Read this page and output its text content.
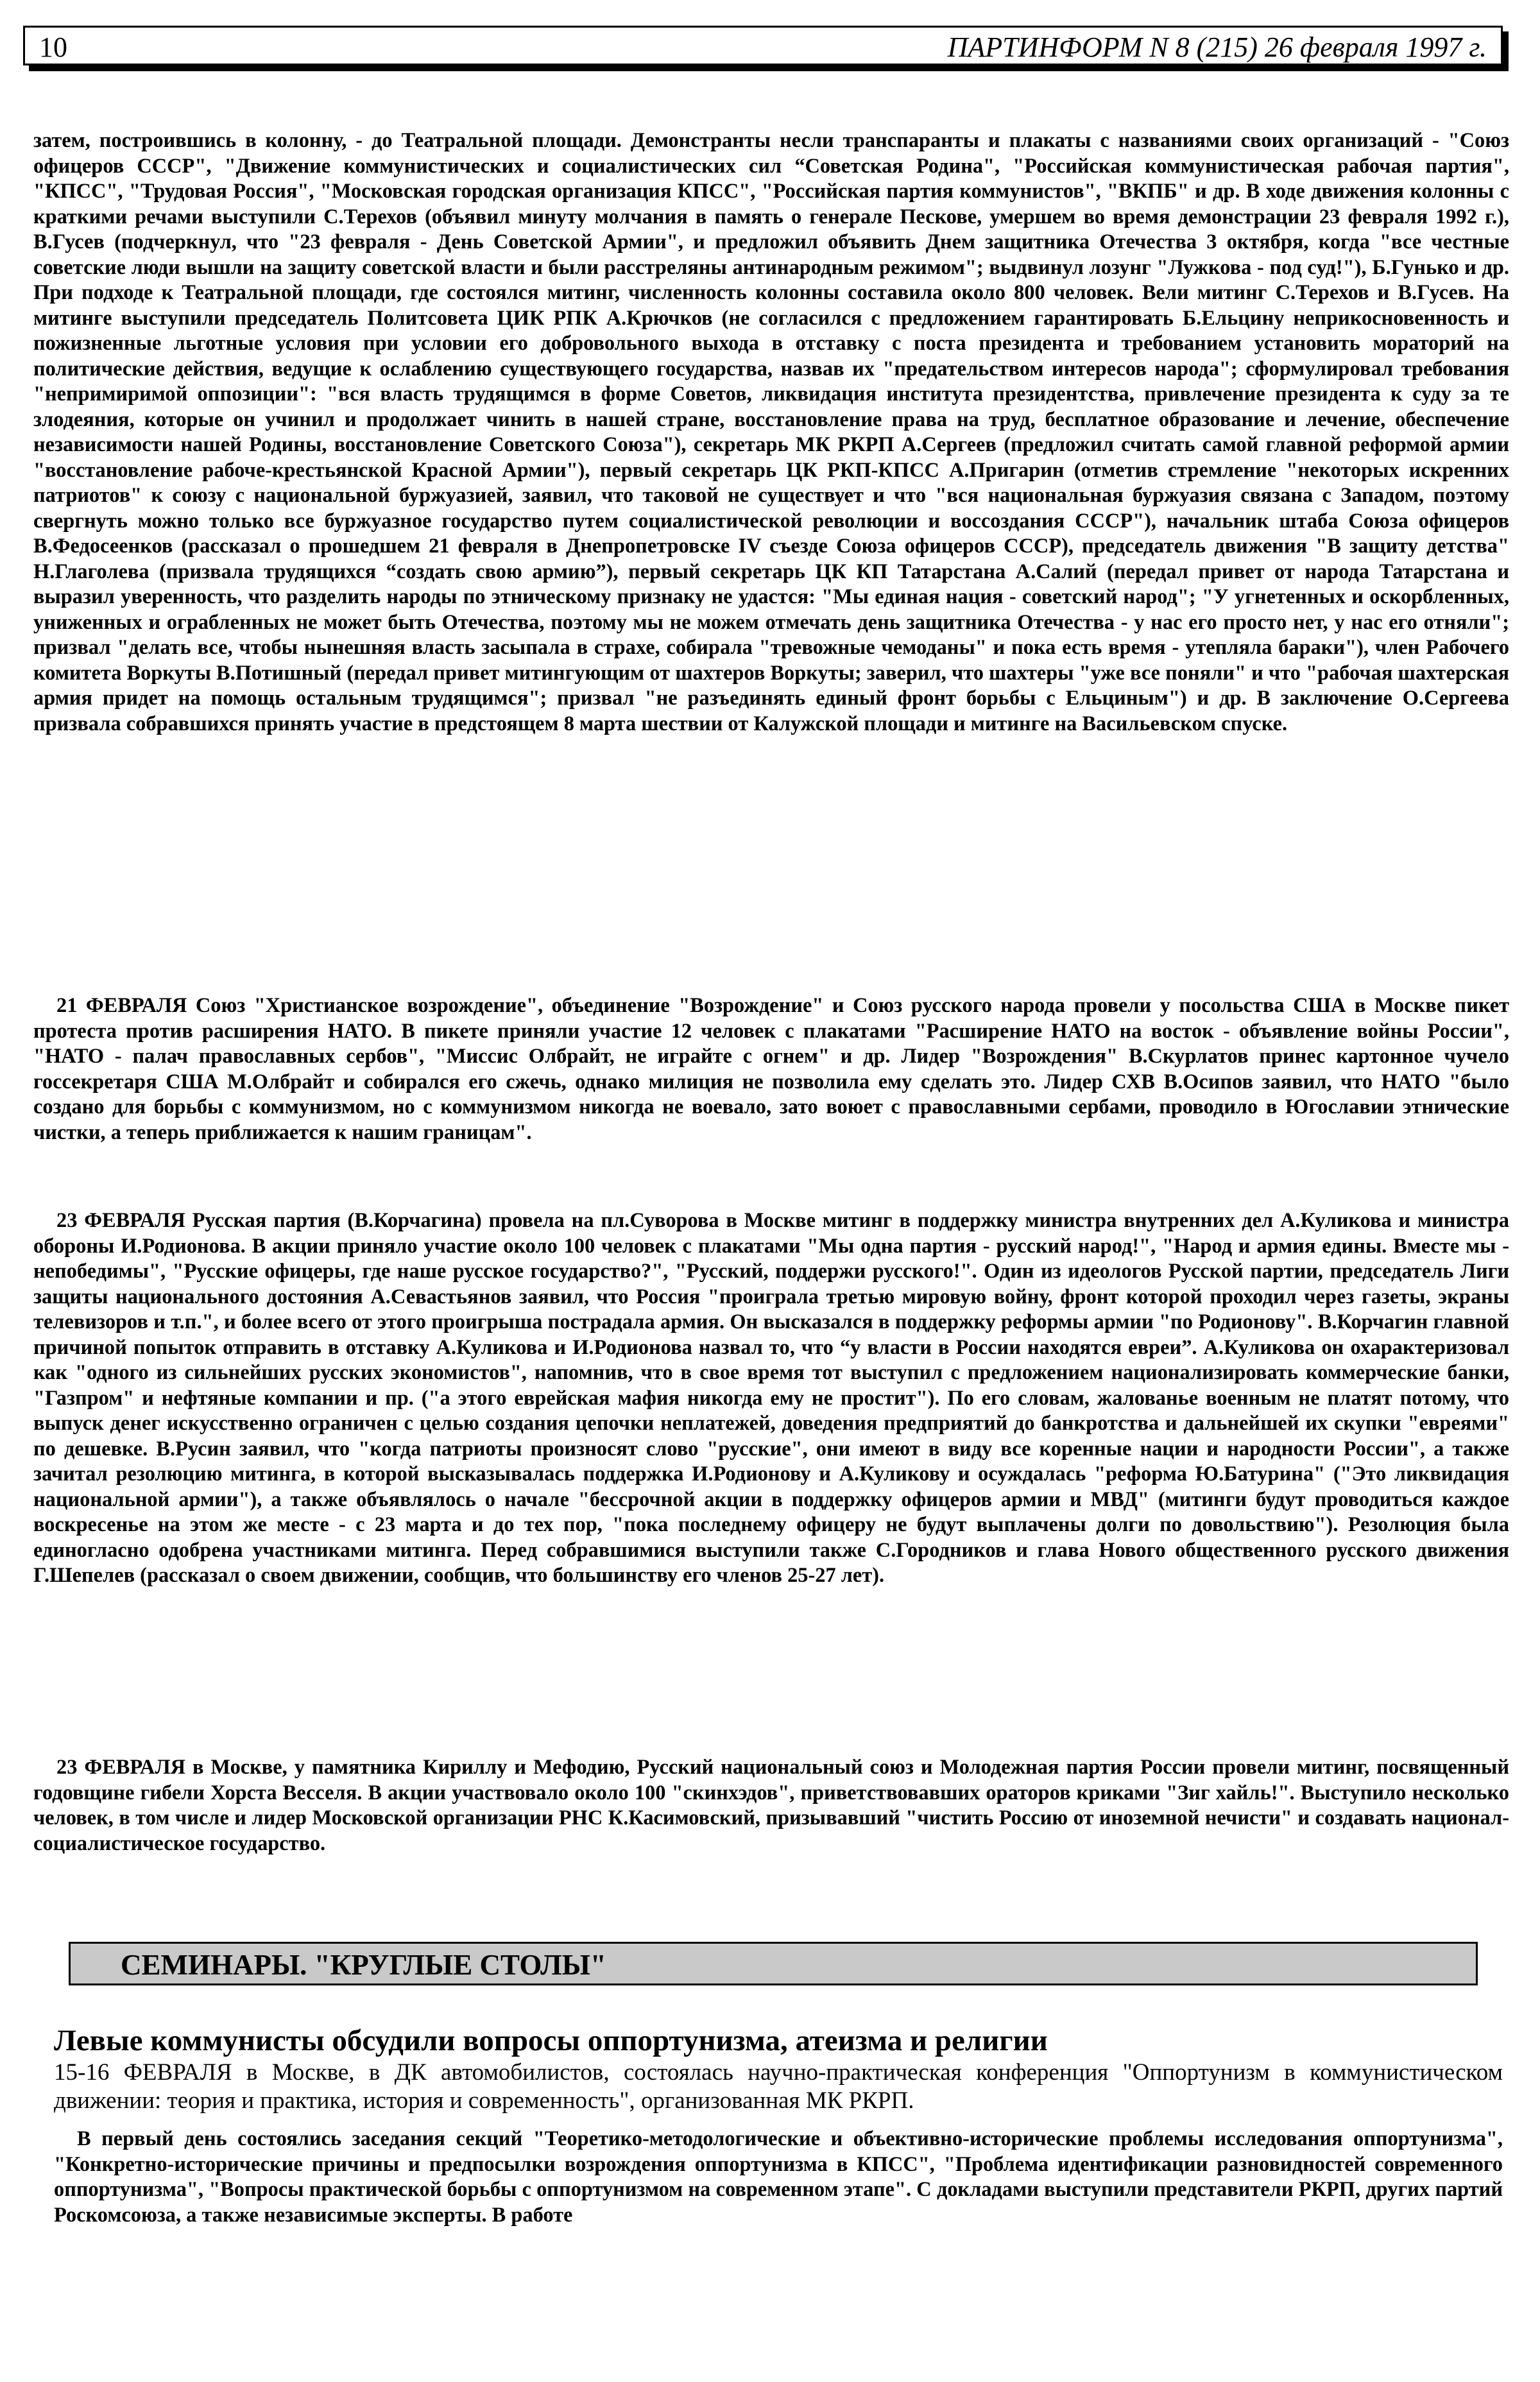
10	ПАРТИНФОРМ N 8 (215) 26 февраля 1997 г.

затем, построившись в колонну, - до Театральной площади. Демонстранты несли транспаранты и плакаты с названиями своих организаций - "Союз офицеров СССР", "Движение коммунистических и социалистических сил “Советская Родина", "Российская коммунистическая рабочая партия", "КПСС", "Трудовая Россия", "Московская городская организация КПСС", "Российская партия коммунистов", "ВКПБ" и др. В ходе движения колонны с краткими речами выступили С.Терехов (объявил минуту молчания в память о генерале Пескове, умершем во время демонстрации 23 февраля 1992 г.), В.Гусев (подчеркнул, что "23 февраля - День Советской Армии", и предложил объявить Днем защитника Отечества 3 октября, когда "все честные советские люди вышли на защиту советской власти и были расстреляны антинародным режимом"; выдвинул лозунг "Лужкова - под суд!"), Б.Гунько и др. При подходе к Театральной площади, где состоялся митинг, численность колонны составила около 800 человек. Вели митинг С.Терехов и В.Гусев. На митинге выступили председатель Политсовета ЦИК РПК А.Крючков (не согласился с предложением гарантировать Б.Ельцину неприкосновенность и пожизненные льготные условия при условии его добровольного выхода в отставку с поста президента и требованием установить мораторий на политические действия, ведущие к ослаблению существующего государства, назвав их "предательством интересов народа"; сформулировал требования "непримиримой оппозиции": "вся власть трудящимся в форме Советов, ликвидация института президентства, привлечение президента к суду за те злодеяния, которые он учинил и продолжает чинить в нашей стране, восстановление права на труд, бесплатное образование и лечение, обеспечение независимости нашей Родины, восстановление Советского Союза"), секретарь МК РКРП А.Сергеев (предложил считать самой главной реформой армии "восстановление рабоче-крестьянской Красной Армии"), первый секретарь ЦК РКП-КПСС А.Пригарин (отметив стремление "некоторых искренних патриотов" к союзу с национальной буржуазией, заявил, что таковой не существует и что "вся национальная буржуазия связана с Западом, поэтому свергнуть можно только все буржуазное государство путем социалистической революции и воссоздания СССР"), начальник штаба Союза офицеров В.Федосеенков (рассказал о прошедшем 21 февраля в Днепропетровске IV съезде Союза офицеров СССР), председатель движения "В защиту детства" Н.Глаголева (призвала трудящихся “создать свою армию”), первый секретарь ЦК КП Татарстана А.Салий (передал привет от народа Татарстана и выразил уверенность, что разделить народы по этническому признаку не удастся: "Мы единая нация - советский народ"; "У угнетенных и оскорбленных, униженных и ограбленных не может быть Отечества, поэтому мы не можем отмечать день защитника Отечества - у нас его просто нет, у нас его отняли"; призвал "делать все, чтобы нынешняя власть засыпала в страхе, собирала "тревожные чемоданы" и пока есть время - утепляла бараки"), член Рабочего комитета Воркуты В.Потишный (передал привет митингующим от шахтеров Воркуты; заверил, что шахтеры "уже все поняли" и что "рабочая шахтерская армия придет на помощь остальным трудящимся"; призвал "не разъединять единый фронт борьбы с Ельциным") и др. В заключение О.Сергеева призвала собравшихся принять участие в предстоящем 8 марта шествии от Калужской площади и митинге на Васильевском спуске.

21 ФЕВРАЛЯ Союз "Христианское возрождение", объединение "Возрождение" и Союз русского народа провели у посольства США в Москве пикет протеста против расширения НАТО. В пикете приняли участие 12 человек с плакатами "Расширение НАТО на восток - объявление войны России", "НАТО - палач православных сербов", "Миссис Олбрайт, не играйте с огнем" и др. Лидер "Возрождения" В.Скурлатов принес картонное чучело госсекретаря США М.Олбрайт и собирался его сжечь, однако милиция не позволила ему сделать это. Лидер СХВ В.Осипов заявил, что НАТО "было создано для борьбы с коммунизмом, но с коммунизмом никогда не воевало, зато воюет с православными сербами, проводило в Югославии этнические чистки, а теперь приближается к нашим границам".

23 ФЕВРАЛЯ Русская партия (В.Корчагина) провела на пл.Суворова в Москве митинг в поддержку министра внутренних дел А.Куликова и министра обороны И.Родионова. В акции приняло участие около 100 человек с плакатами "Мы одна партия - русский народ!", "Народ и армия едины. Вместе мы - непобедимы", "Русские офицеры, где наше русское государство?", "Русский, поддержи русского!". Один из идеологов Русской партии, председатель Лиги защиты национального достояния А.Севастьянов заявил, что Россия "проиграла третью мировую войну, фронт которой проходил через газеты, экраны телевизоров и т.п.", и более всего от этого проигрыша пострадала армия. Он высказался в поддержку реформы армии "по Родионову". В.Корчагин главной причиной попыток отправить в отставку А.Куликова и И.Родионова назвал то, что “у власти в России находятся евреи”. А.Куликова он охарактеризовал как "одного из сильнейших русских экономистов", напомнив, что в свое время тот выступил с предложением национализировать коммерческие банки, "Газпром" и нефтяные компании и пр. ("а этого еврейская мафия никогда ему не простит"). По его словам, жалованье военным не платят потому, что выпуск денег искусственно ограничен с целью создания цепочки неплатежей, доведения предприятий до банкротства и дальнейшей их скупки "евреями" по дешевке. В.Русин заявил, что "когда патриоты произносят слово "русские", они имеют в виду все коренные нации и народности России", а также зачитал резолюцию митинга, в которой высказывалась поддержка И.Родионову и А.Куликову и осуждалась "реформа Ю.Батурина" ("Это ликвидация национальной армии"), а также объявлялось о начале "бессрочной акции в поддержку офицеров армии и МВД" (митинги будут проводиться каждое воскресенье на этом же месте - с 23 марта и до тех пор, "пока последнему офицеру не будут выплачены долги по довольствию"). Резолюция была единогласно одобрена участниками митинга. Перед собравшимися выступили также С.Городников и глава Нового общественного русского движения Г.Шепелев (рассказал о своем движении, сообщив, что большинству его членов 25-27 лет).

23 ФЕВРАЛЯ в Москве, у памятника Кириллу и Мефодию, Русский национальный союз и Молодежная партия России провели митинг, посвященный годовщине гибели Хорста Весселя. В акции участвовало около 100 "скинхэдов", приветствовавших ораторов криками "Зиг хайль!". Выступило несколько человек, в том числе и лидер Московской организации РНС К.Касимовский, призывавший "чистить Россию от иноземной нечисти" и создавать национал-социалистическое государство.

СЕМИНАРЫ. "КРУГЛЫЕ СТОЛЫ"
Левые коммунисты обсудили вопросы оппортунизма, атеизма и религии

15-16 ФЕВРАЛЯ в Москве, в ДК автомобилистов, состоялась научно-практическая конференция "Оппортунизм в коммунистическом движении: теория и практика, история и современность", организованная МК РКРП.

В первый день состоялись заседания секций "Теоретико-методологические и объективно-исторические проблемы исследования оппортунизма", "Конкретно-исторические причины и предпосылки возрождения оппортунизма в КПСС", "Проблема идентификации разновидностей современного оппортунизма", "Вопросы практической борьбы с оппортунизмом на современном этапе". С докладами выступили представители РКРП, других партий Роскомсоюза, а также независимые эксперты. В работе
